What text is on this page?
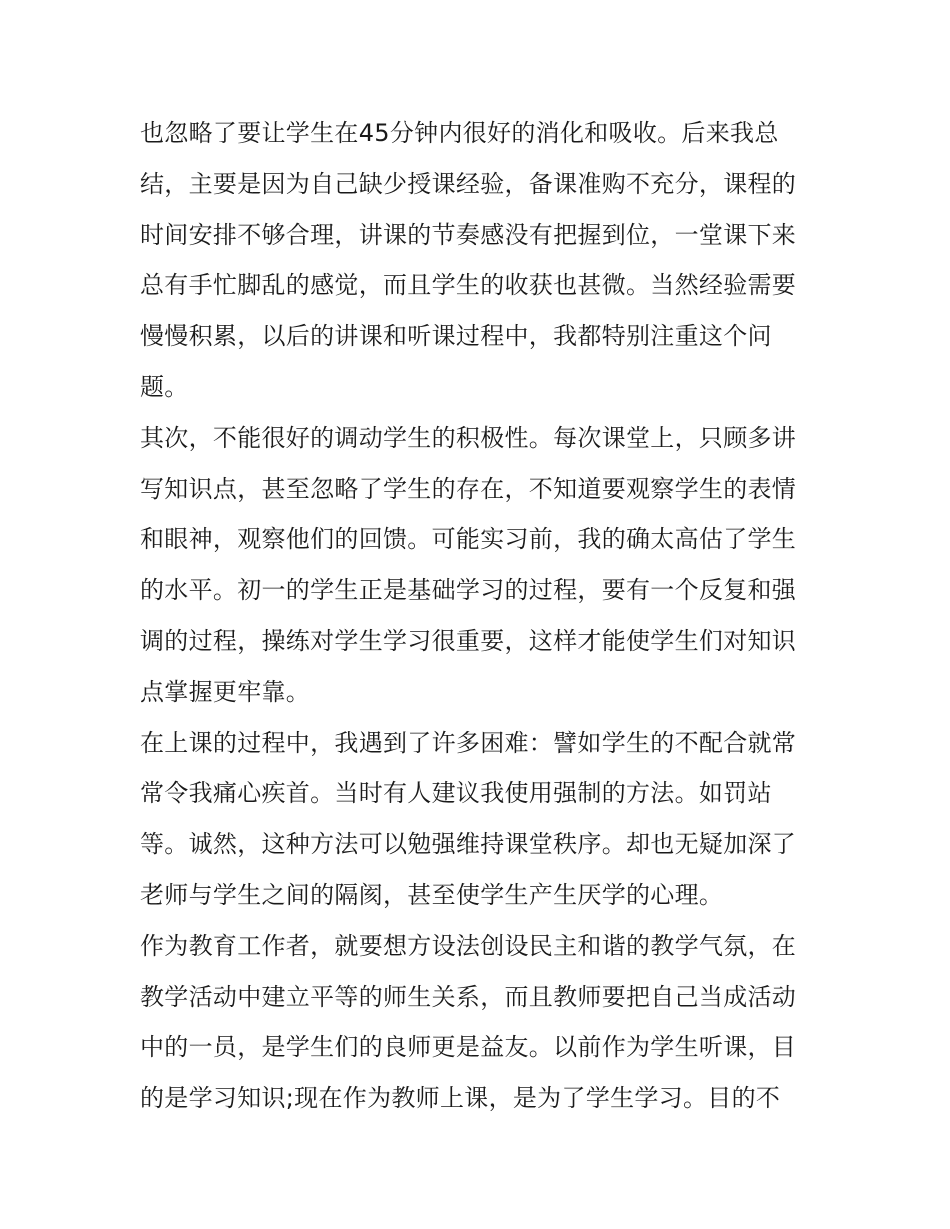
也忽略了要让学生在45分钟内很好的消化和吸收。后来我总
结，主要是因为自己缺少授课经验，备课准购不充分，课程的
时间安排不够合理，讲课的节奏感没有把握到位，一堂课下来
总有手忙脚乱的感觉，而且学生的收获也甚微。当然经验需要
慢慢积累，以后的讲课和听课过程中，我都特别注重这个问
题。
其次，不能很好的调动学生的积极性。每次课堂上，只顾多讲
写知识点，甚至忽略了学生的存在，不知道要观察学生的表情
和眼神，观察他们的回馈。可能实习前，我的确太高估了学生
的水平。初一的学生正是基础学习的过程，要有一个反复和强
调的过程，操练对学生学习很重要，这样才能使学生们对知识
点掌握更牢靠。
在上课的过程中，我遇到了许多困难：譬如学生的不配合就常
常令我痛心疾首。当时有人建议我使用强制的方法。如罚站
等。诚然，这种方法可以勉强维持课堂秩序。却也无疑加深了
老师与学生之间的隔阂，甚至使学生产生厌学的心理。
作为教育工作者，就要想方设法创设民主和谐的教学气氛，在
教学活动中建立平等的师生关系，而且教师要把自己当成活动
中的一员，是学生们的良师更是益友。以前作为学生听课，目
的是学习知识;现在作为教师上课，是为了学生学习。目的不
